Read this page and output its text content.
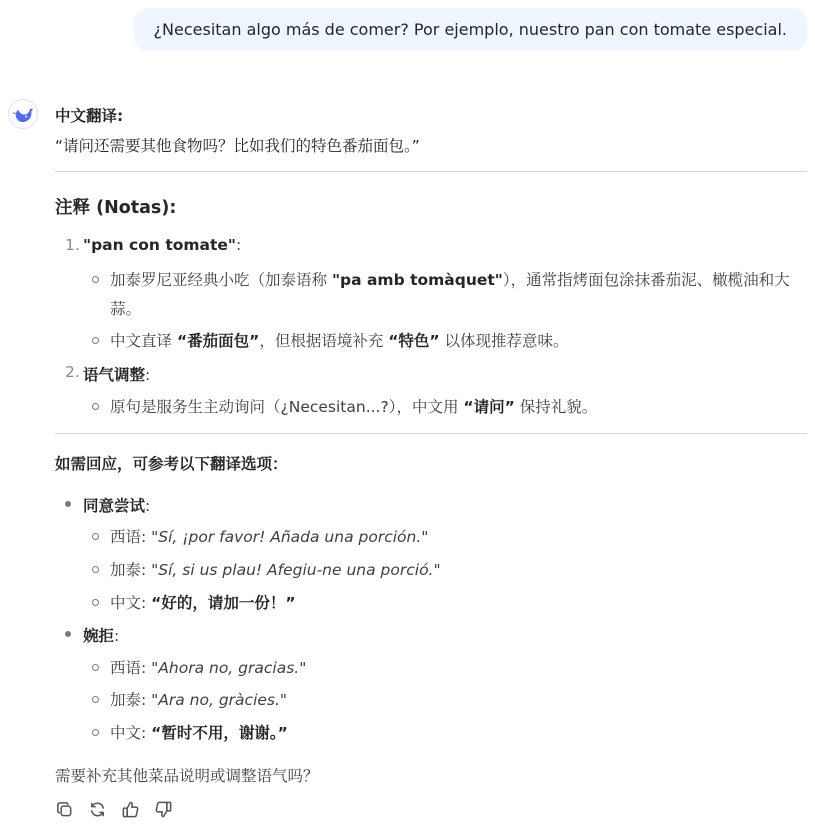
¿Necesitan algo más de comer? Por ejemplo, nuestro pan con tomate especial.
中文翻译:
“请问还需要其他食物吗？比如我们的特色番茄面包。”
注释 (Notas):
1. "pan con tomate":
加泰罗尼亚经典小吃（加泰语称 "pa amb tomàquet"），通常指烤面包涂抹番茄泥、橄榄油和大
蒜。
中文直译 “番茄面包”，但根据语境补充 “特色” 以体现推荐意味。
2. 语气调整:
原句是服务生主动询问（¿Necesitan...?），中文用 “请问” 保持礼貌。
如需回应，可参考以下翻译选项：
同意尝试:
西语: "Sí, ¡por favor! Añada una porción."
加泰: "Sí, si us plau! Afegiu-ne una porció."
中文: “好的，请加一份！”
婉拒:
西语: "Ahora no, gracias."
加泰: "Ara no, gràcies."
中文: “暂时不用，谢谢。”
需要补充其他菜品说明或调整语气吗？
